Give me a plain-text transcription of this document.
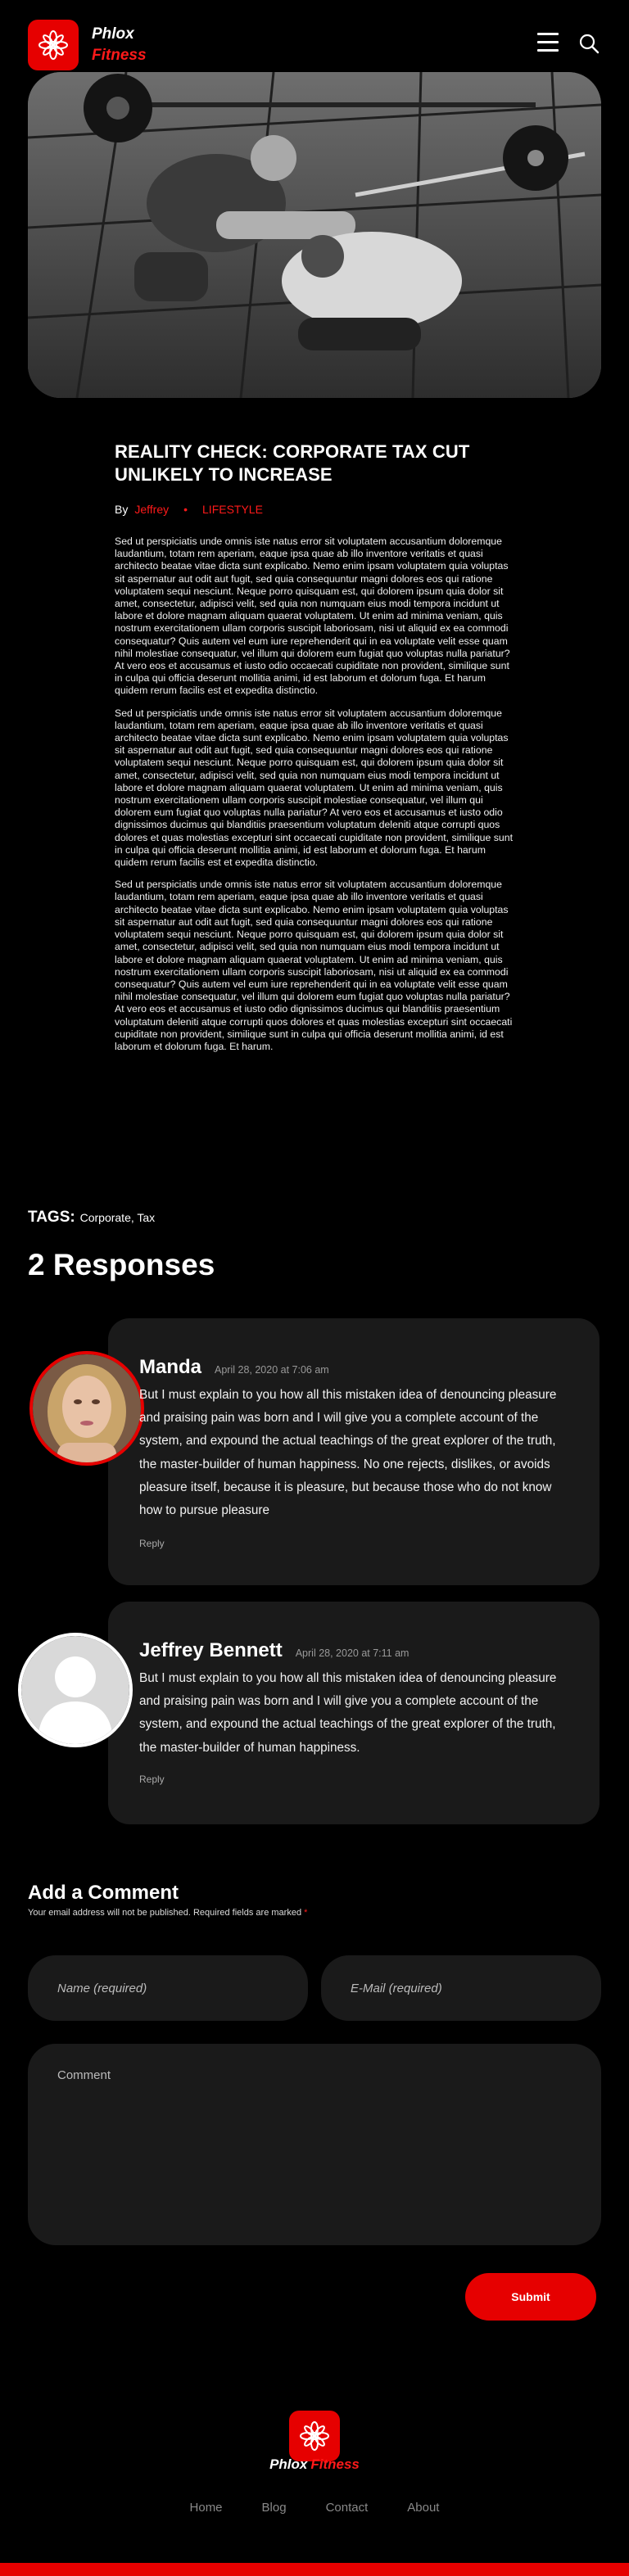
Phlox
Fitness
REALITY CHECK: CORPORATE TAX CUT UNLIKELY TO INCREASE
By Jeffrey • LIFESTYLE

Sed ut perspiciatis unde omnis iste natus error sit voluptatem accusantium doloremque laudantium, totam rem aperiam, eaque ipsa quae ab illo inventore veritatis et quasi architecto beatae vitae dicta sunt explicabo. Nemo enim ipsam voluptatem quia voluptas sit aspernatur aut odit aut fugit, sed quia consequuntur magni dolores eos qui ratione voluptatem sequi nesciunt. Neque porro quisquam est, qui dolorem ipsum quia dolor sit amet, consectetur, adipisci velit, sed quia non numquam eius modi tempora incidunt ut labore et dolore magnam aliquam quaerat voluptatem. Ut enim ad minima veniam, quis nostrum exercitationem ullam corporis suscipit laboriosam, nisi ut aliquid ex ea commodi consequatur? Quis autem vel eum iure reprehenderit qui in ea voluptate velit esse quam nihil molestiae consequatur, vel illum qui dolorem eum fugiat quo voluptas nulla pariatur? At vero eos et accusamus et iusto odio occaecati cupiditate non provident, similique sunt in culpa qui officia deserunt mollitia animi, id est laborum et dolorum fuga. Et harum quidem rerum facilis est et expedita distinctio.

Sed ut perspiciatis unde omnis iste natus error sit voluptatem accusantium doloremque laudantium, totam rem aperiam, eaque ipsa quae ab illo inventore veritatis et quasi architecto beatae vitae dicta sunt explicabo. Nemo enim ipsam voluptatem quia voluptas sit aspernatur aut odit aut fugit, sed quia consequuntur magni dolores eos qui ratione voluptatem sequi nesciunt. Neque porro quisquam est, qui dolorem ipsum quia dolor sit amet, consectetur, adipisci velit, sed quia non numquam eius modi tempora incidunt ut labore et dolore magnam aliquam quaerat voluptatem. Ut enim ad minima veniam, quis nostrum exercitationem ullam corporis suscipit molestiae consequatur, vel illum qui dolorem eum fugiat quo voluptas nulla pariatur? At vero eos et accusamus et iusto odio dignissimos ducimus qui blanditiis praesentium voluptatum deleniti atque corrupti quos dolores et quas molestias excepturi sint occaecati cupiditate non provident, similique sunt in culpa qui officia deserunt mollitia animi, id est laborum et dolorum fuga. Et harum quidem rerum facilis est et expedita distinctio.

Sed ut perspiciatis unde omnis iste natus error sit voluptatem accusantium doloremque laudantium, totam rem aperiam, eaque ipsa quae ab illo inventore veritatis et quasi architecto beatae vitae dicta sunt explicabo. Nemo enim ipsam voluptatem quia voluptas sit aspernatur aut odit aut fugit, sed quia consequuntur magni dolores eos qui ratione voluptatem sequi nesciunt. Neque porro quisquam est, qui dolorem ipsum quia dolor sit amet, consectetur, adipisci velit, sed quia non numquam eius modi tempora incidunt ut labore et dolore magnam aliquam quaerat voluptatem. Ut enim ad minima veniam, quis nostrum exercitationem ullam corporis suscipit laboriosam, nisi ut aliquid ex ea commodi consequatur? Quis autem vel eum iure reprehenderit qui in ea voluptate velit esse quam nihil molestiae consequatur, vel illum qui dolorem eum fugiat quo voluptas nulla pariatur? At vero eos et accusamus et iusto odio dignissimos ducimus qui blanditiis praesentium voluptatum deleniti atque corrupti quos dolores et quas molestias excepturi sint occaecati cupiditate non provident, similique sunt in culpa qui officia deserunt mollitia animi, id est laborum et dolorum fuga. Et harum.

TAGS: Corporate, Tax
2 Responses
Manda April 28, 2020 at 7:06 am

But I must explain to you how all this mistaken idea of denouncing pleasure and praising pain was born and I will give you a complete account of the system, and expound the actual teachings of the great explorer of the truth, the master-builder of human happiness. No one rejects, dislikes, or avoids pleasure itself, because it is pleasure, but because those who do not know how to pursue pleasure

Reply
Jeffrey Bennett April 28, 2020 at 7:11 am

But I must explain to you how all this mistaken idea of denouncing pleasure and praising pain was born and I will give you a complete account of the system, and expound the actual teachings of the great explorer of the truth, the master-builder of human happiness.

Reply
Add a Comment
Your email address will not be published. Required fields are marked *
Name (required)
E-Mail (required)
Comment
Submit
Phlox Fitness
Home	Blog	Contact	About
